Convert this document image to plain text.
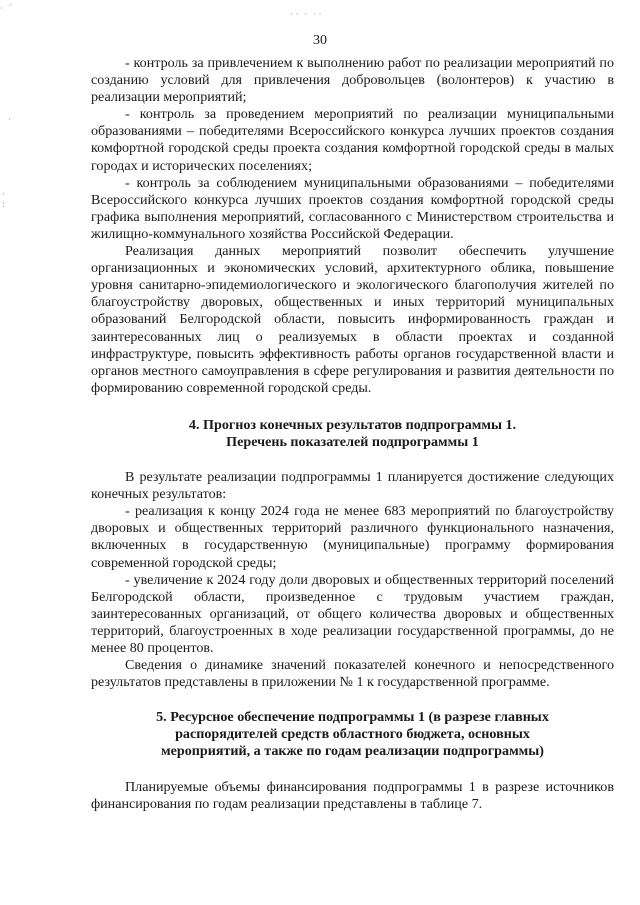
·  `
· ·  ·  · ·
·
:
·
30

- контроль за привлечением к выполнению работ по реализации мероприятий по созданию условий для привлечения добровольцев (волонтеров) к участию в реализации мероприятий;

- контроль за проведением мероприятий по реализации муниципальными образованиями – победителями Всероссийского конкурса лучших проектов создания комфортной городской среды проекта создания комфортной городской среды в малых городах и исторических поселениях;

- контроль за соблюдением муниципальными образованиями – победителями Всероссийского конкурса лучших проектов создания комфортной городской среды графика выполнения мероприятий, согласованного с Министерством строительства и жилищно-коммунального хозяйства Российской Федерации.

Реализация данных мероприятий позволит обеспечить улучшение организационных и экономических условий, архитектурного облика, повышение уровня санитарно-эпидемиологического и экологического благополучия жителей по благоустройству дворовых, общественных и иных территорий муниципальных образований Белгородской области, повысить информированность граждан и заинтересованных лиц о реализуемых в области проектах и созданной инфраструктуре, повысить эффективность работы органов государственной власти и органов местного самоуправления в сфере регулирования и развития деятельности по формированию современной городской среды.

4. Прогноз конечных результатов подпрограммы 1.
Перечень показателей подпрограммы 1

В результате реализации подпрограммы 1 планируется достижение следующих конечных результатов:

- реализация к концу 2024 года не менее 683 мероприятий по благоустройству дворовых и общественных территорий различного функционального назначения, включенных в государственную (муниципальные) программу формирования современной городской среды;

- увеличение к 2024 году доли дворовых и общественных территорий поселений Белгородской области, произведенное с трудовым участием граждан, заинтересованных организаций, от общего количества дворовых и общественных территорий, благоустроенных в ходе реализации государственной программы, до не менее 80 процентов.

Сведения о динамике значений показателей конечного и непосредственного результатов представлены в приложении № 1 к государственной программе.

5. Ресурсное обеспечение подпрограммы 1 (в разрезе главных
распорядителей средств областного бюджета, основных
мероприятий, а также по годам реализации подпрограммы)

Планируемые объемы финансирования подпрограммы 1 в разрезе источников финансирования по годам реализации представлены в таблице 7.
